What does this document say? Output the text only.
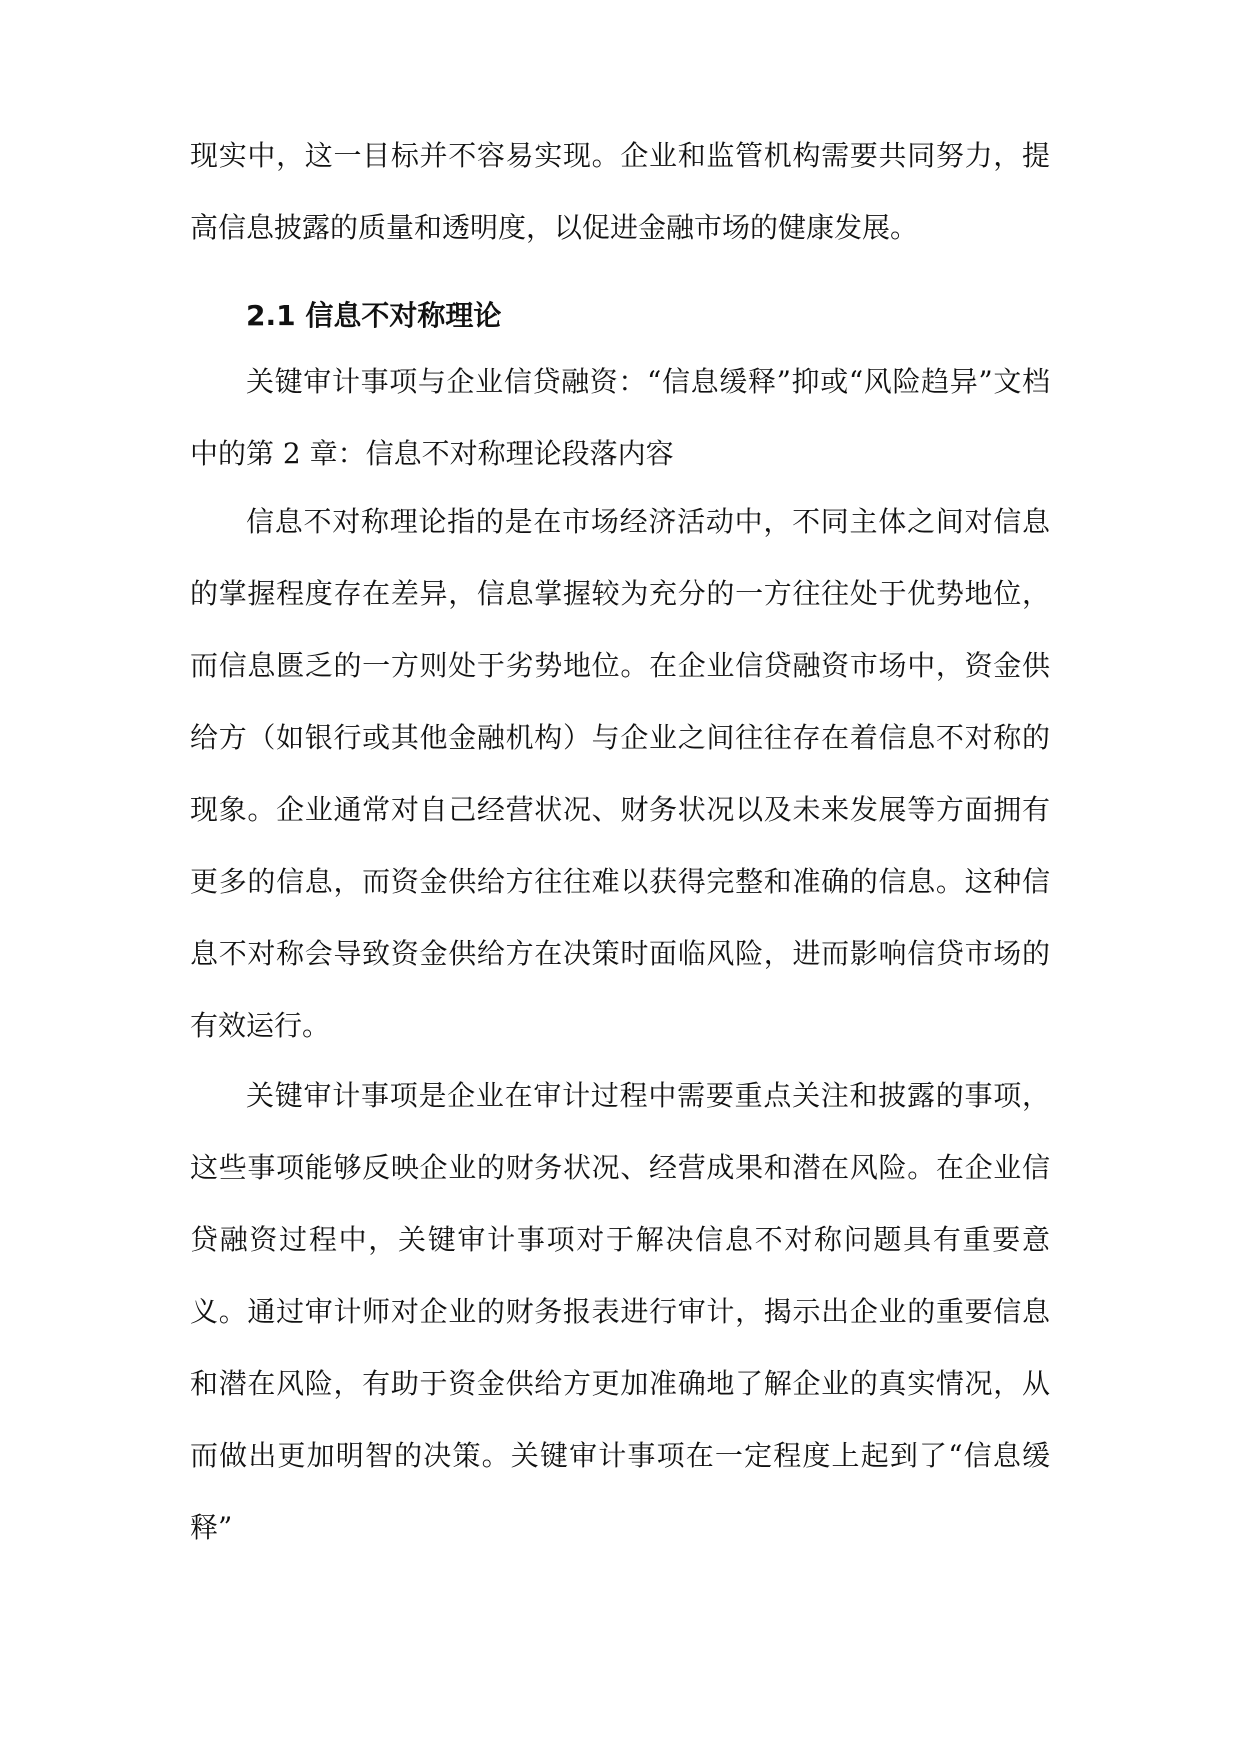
现实中，这一目标并不容易实现。企业和监管机构需要共同努力，提高信息披露的质量和透明度，以促进金融市场的健康发展。

2.1 信息不对称理论

关键审计事项与企业信贷融资：“信息缓释”抑或“风险趋异”文档中的第 2 章：信息不对称理论段落内容

信息不对称理论指的是在市场经济活动中，不同主体之间对信息的掌握程度存在差异，信息掌握较为充分的一方往往处于优势地位，而信息匮乏的一方则处于劣势地位。在企业信贷融资市场中，资金供给方（如银行或其他金融机构）与企业之间往往存在着信息不对称的现象。企业通常对自己经营状况、财务状况以及未来发展等方面拥有更多的信息，而资金供给方往往难以获得完整和准确的信息。这种信息不对称会导致资金供给方在决策时面临风险，进而影响信贷市场的有效运行。

关键审计事项是企业在审计过程中需要重点关注和披露的事项，这些事项能够反映企业的财务状况、经营成果和潜在风险。在企业信贷融资过程中，关键审计事项对于解决信息不对称问题具有重要意义。通过审计师对企业的财务报表进行审计，揭示出企业的重要信息和潜在风险，有助于资金供给方更加准确地了解企业的真实情况，从而做出更加明智的决策。关键审计事项在一定程度上起到了“信息缓释”
